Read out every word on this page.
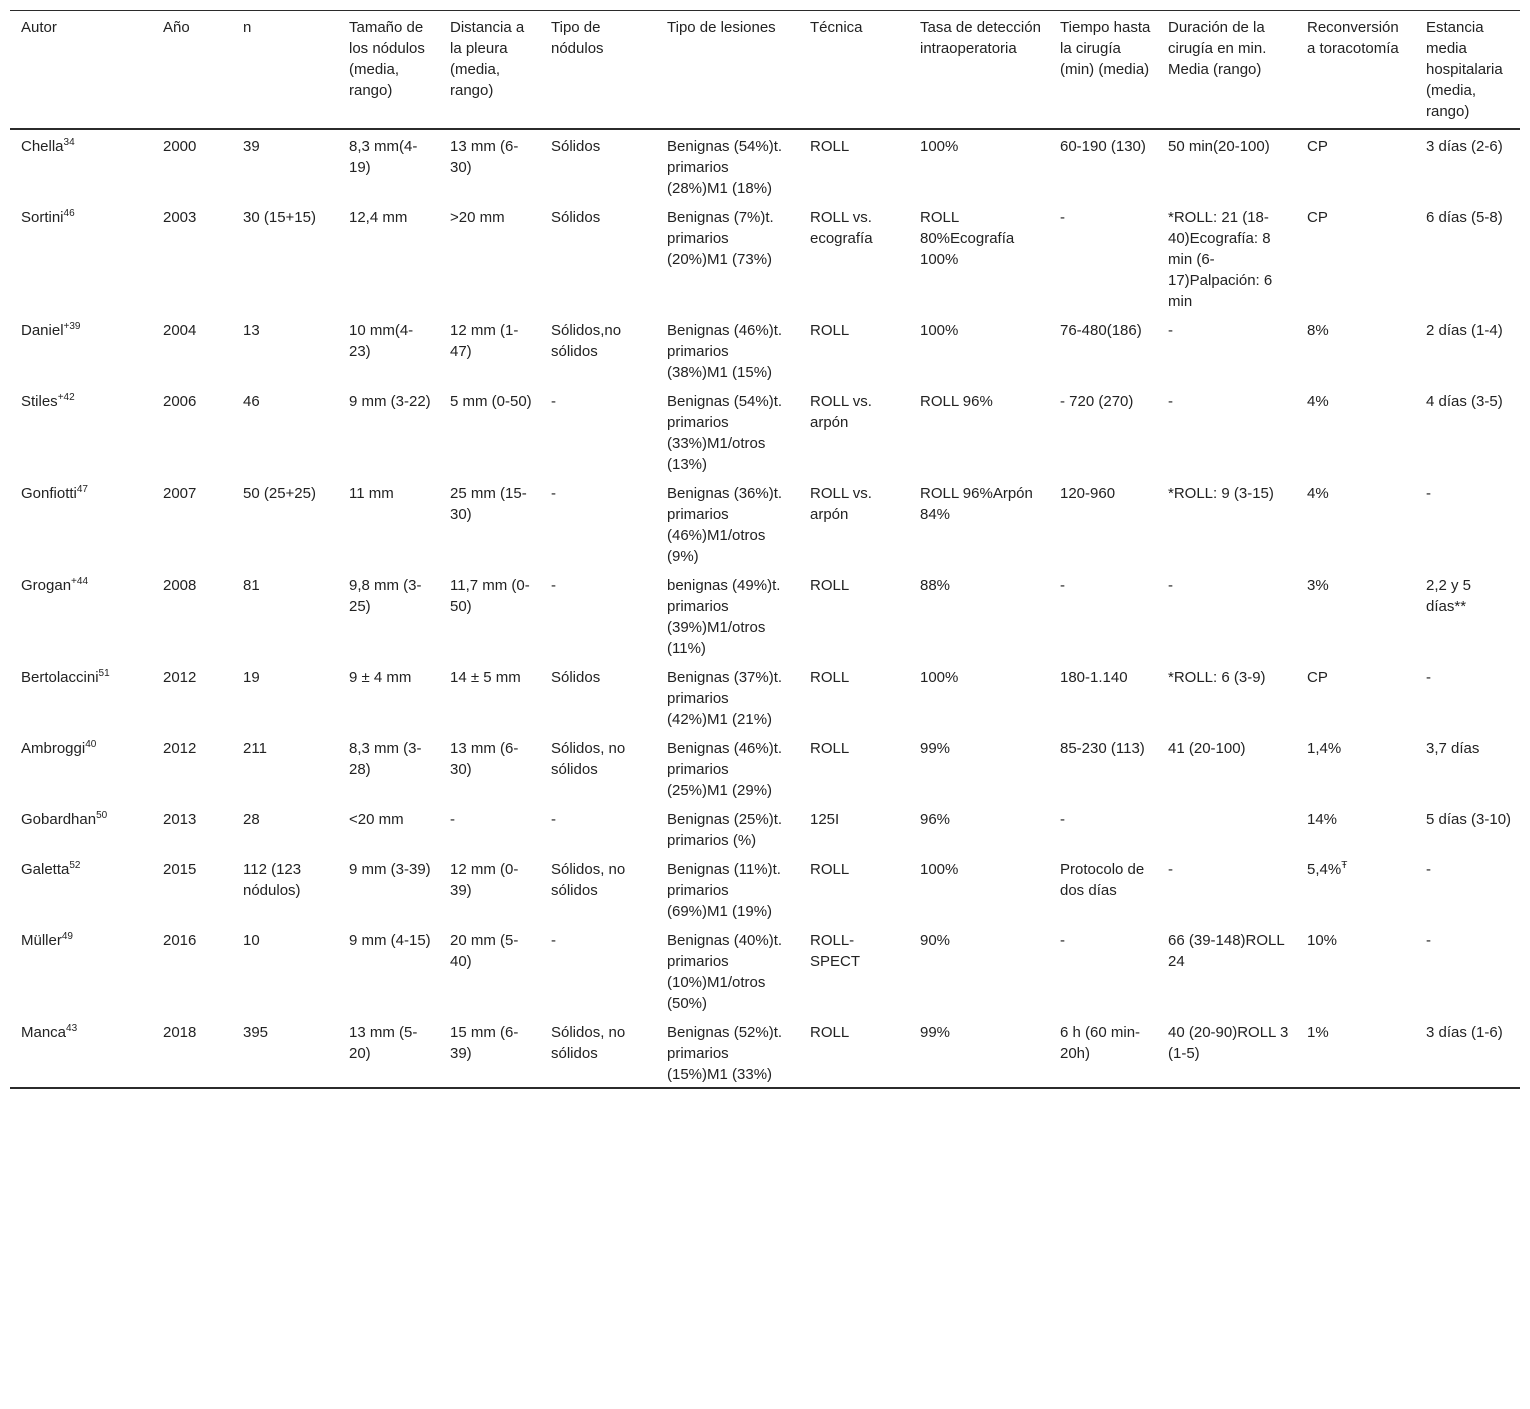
Autor	Año	n	Tamaño de los nódulos (media, rango)	Distancia a la pleura (media, rango)	Tipo de nódulos	Tipo de lesiones	Técnica	Tasa de detección intraoperatoria	Tiempo hasta la cirugía (min) (media)	Duración de la cirugía en min. Media (rango)	Reconversión a toracotomía	Estancia media hospitalaria (media, rango)
Chella$^{34}$	2000	39	8,3 mm(4-19)	13 mm (6-30)	Sólidos	Benignas (54%)t. primarios (28%)M1 (18%)	ROLL	100%	60-190 (130)	50 min(20-100)	CP	3 días (2-6)
Sortini$^{46}$	2003	30 (15+15)	12,4 mm	>20 mm	Sólidos	Benignas (7%)t. primarios (20%)M1 (73%)	ROLL vs. ecografía	ROLL 80%Ecografía 100%	-	*ROLL: 21 (18-40)Ecografía: 8 min (6-17)Palpación: 6 min	CP	6 días (5-8)
Daniel$^{+39}$	2004	13	10 mm(4-23)	12 mm (1-47)	Sólidos,no sólidos	Benignas (46%)t. primarios (38%)M1 (15%)	ROLL	100%	76-480(186)	-	8%	2 días (1-4)
Stiles$^{+42}$	2006	46	9 mm (3-22)	5 mm (0-50)	-	Benignas (54%)t. primarios (33%)M1/otros (13%)	ROLL vs. arpón	ROLL 96%	- 720 (270)	-	4%	4 días (3-5)
Gonfiotti$^{47}$	2007	50 (25+25)	11 mm	25 mm (15-30)	-	Benignas (36%)t. primarios (46%)M1/otros (9%)	ROLL vs. arpón	ROLL 96%Arpón 84%	120-960	*ROLL: 9 (3-15)	4%	-
Grogan$^{+44}$	2008	81	9,8 mm (3-25)	11,7 mm (0-50)	-	benignas (49%)t. primarios (39%)M1/otros (11%)	ROLL	88%	-	-	3%	2,2 y 5 días**
Bertolaccini$^{51}$	2012	19	9 ± 4 mm	14 ± 5 mm	Sólidos	Benignas (37%)t. primarios (42%)M1 (21%)	ROLL	100%	180-1.140	*ROLL: 6 (3-9)	CP	-
Ambroggi$^{40}$	2012	211	8,3 mm (3-28)	13 mm (6-30)	Sólidos, no sólidos	Benignas (46%)t. primarios (25%)M1 (29%)	ROLL	99%	85-230 (113)	41 (20-100)	1,4%	3,7 días
Gobardhan$^{50}$	2013	28	<20 mm	-	-	Benignas (25%)t. primarios (%)	125I	96%	-		14%	5 días (3-10)
Galetta$^{52}$	2015	112 (123 nódulos)	9 mm (3-39)	12 mm (0-39)	Sólidos, no sólidos	Benignas (11%)t. primarios (69%)M1 (19%)	ROLL	100%	Protocolo de dos días	-	5,4%$^Ŧ$	-
Müller$^{49}$	2016	10	9 mm (4-15)	20 mm (5-40)	-	Benignas (40%)t. primarios (10%)M1/otros (50%)	ROLL-SPECT	90%	-	66 (39-148)ROLL 24	10%	-
Manca$^{43}$	2018	395	13 mm (5-20)	15 mm (6-39)	Sólidos, no sólidos	Benignas (52%)t. primarios (15%)M1 (33%)	ROLL	99%	6 h (60 min-20h)	40 (20-90)ROLL 3 (1-5)	1%	3 días (1-6)
